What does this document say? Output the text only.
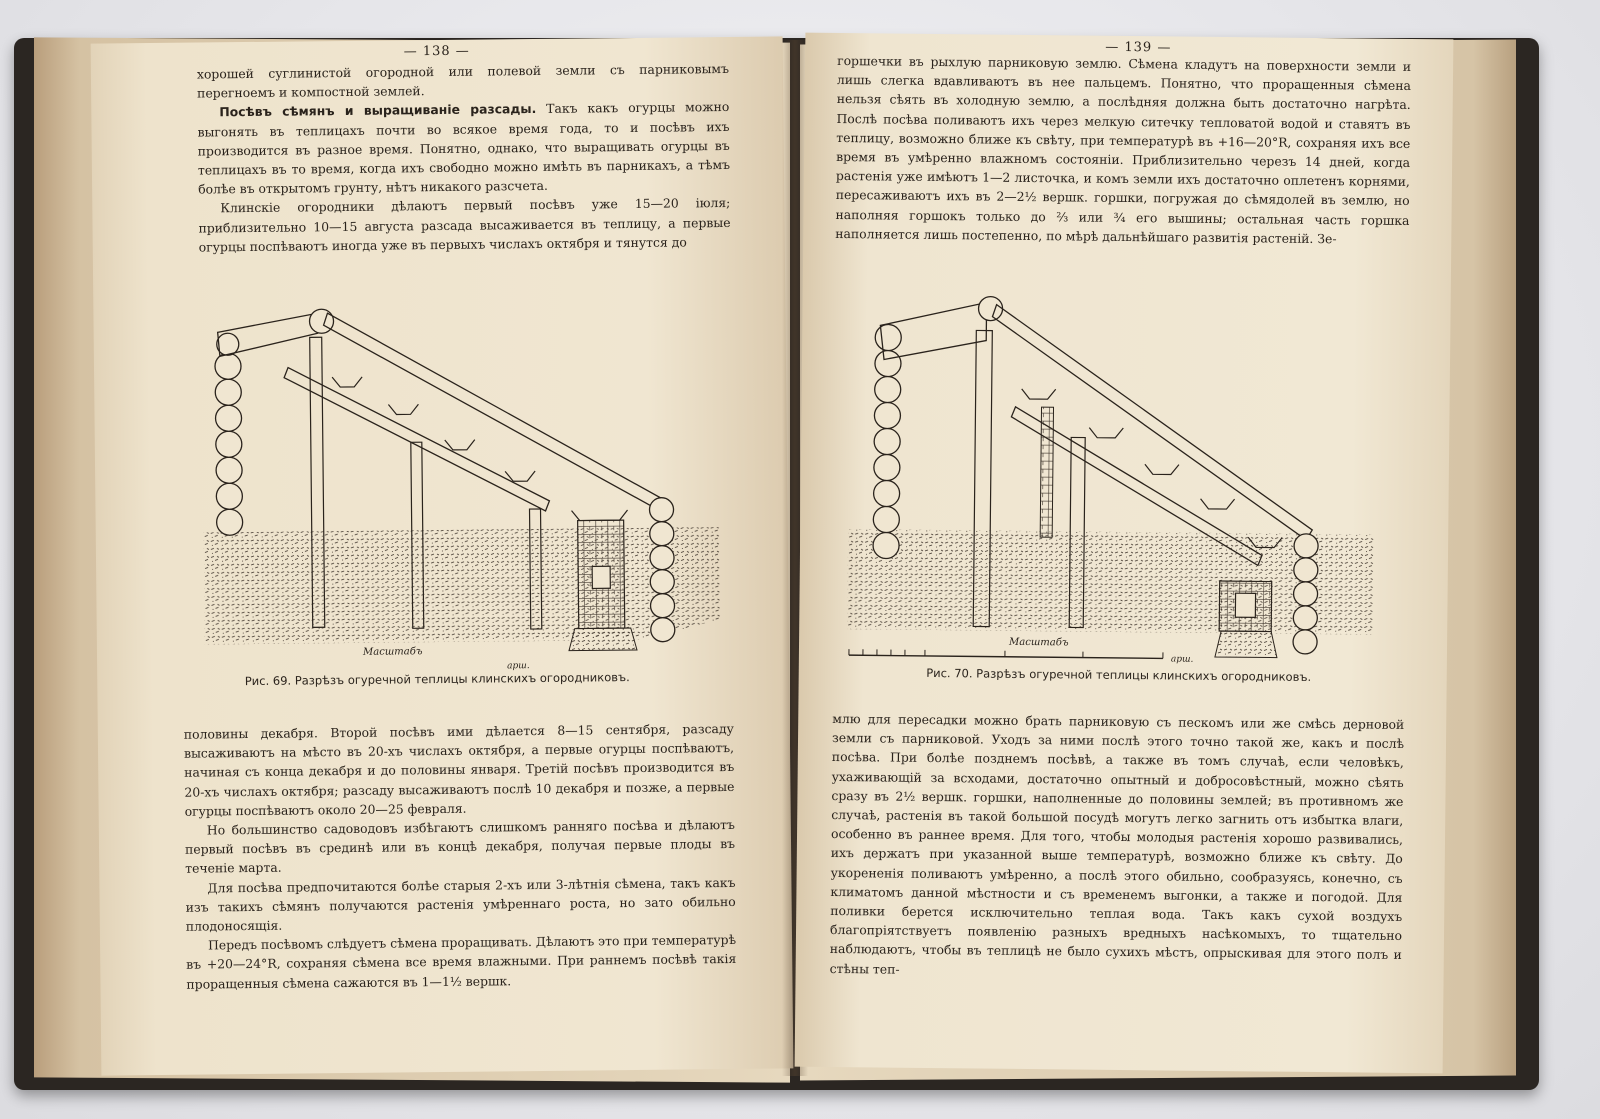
— 138 —

хорошей суглинистой огородной или полевой земли съ парниковымъ перегноемъ и компостной землей.

Посѣвъ сѣмянъ и выращиваніе разсады. Такъ какъ огурцы можно выгонять въ теплицахъ почти во всякое время года, то и посѣвъ ихъ производится въ разное время. Понятно, однако, что выращивать огурцы въ теплицахъ въ то время, когда ихъ свободно можно имѣть въ парникахъ, а тѣмъ болѣе въ открытомъ грунту, нѣтъ никакого разсчета.

Клинскіе огородники дѣлаютъ первый посѣвъ уже 15—20 іюля; приблизительно 10—15 августа разсада высаживается въ теплицу, а первые огурцы поспѣваютъ иногда уже въ первыхъ числахъ октября и тянутся до

Масштабъ
арш.
Рис. 69. Разрѣзъ огуречной теплицы клинскихъ огородниковъ.

половины декабря. Второй посѣвъ ими дѣлается 8—15 сентября, разсаду высаживаютъ на мѣсто въ 20-хъ числахъ октября, а первые огурцы поспѣваютъ, начиная съ конца декабря и до половины января. Третій посѣвъ производится въ 20-хъ числахъ октября; разсаду высаживаютъ послѣ 10 декабря и позже, а первые огурцы поспѣваютъ около 20—25 февраля.

Но большинство садоводовъ избѣгаютъ слишкомъ ранняго посѣва и дѣлаютъ первый посѣвъ въ срединѣ или въ концѣ декабря, получая первые плоды въ теченіе марта.

Для посѣва предпочитаются болѣе старыя 2-хъ или 3-лѣтнія сѣмена, такъ какъ изъ такихъ сѣмянъ получаются растенія умѣреннаго роста, но зато обильно плодоносящія.

Передъ посѣвомъ слѣдуетъ сѣмена проращивать. Дѣлаютъ это при температурѣ въ +20—24°R, сохраняя сѣмена все время влажными. При раннемъ посѣвѣ такія проращенныя сѣмена сажаются въ 1—1½ вершк.

— 139 —

горшечки въ рыхлую парниковую землю. Сѣмена кладутъ на поверхности земли и лишь слегка вдавливаютъ въ нее пальцемъ. Понятно, что проращенныя сѣмена нельзя сѣять въ холодную землю, а послѣдняя должна быть достаточно нагрѣта. Послѣ посѣва поливаютъ ихъ через мелкую ситечку тепловатой водой и ставятъ въ теплицу, возможно ближе къ свѣту, при температурѣ въ +16—20°R, сохраняя ихъ все время въ умѣренно влажномъ состояніи. Приблизительно черезъ 14 дней, когда растенія уже имѣютъ 1—2 листочка, и комъ земли ихъ достаточно оплетенъ корнями, пересаживаютъ ихъ въ 2—2½ вершк. горшки, погружая до сѣмядолей въ землю, но наполняя горшокъ только до ⅔ или ¾ его вышины; остальная часть горшка наполняется лишь постепенно, по мѣрѣ дальнѣйшаго развитія растеній. Зе-

Масштабъ
арш.
Рис. 70. Разрѣзъ огуречной теплицы клинскихъ огородниковъ.

млю для пересадки можно брать парниковую съ пескомъ или же смѣсь дерновой земли съ парниковой. Уходъ за ними послѣ этого точно такой же, какъ и послѣ посѣва. При болѣе позднемъ посѣвѣ, а также въ томъ случаѣ, если человѣкъ, ухаживающій за всходами, достаточно опытный и добросовѣстный, можно сѣять сразу въ 2½ вершк. горшки, наполненные до половины землей; въ противномъ же случаѣ, растенія въ такой большой посудѣ могутъ легко загнить отъ избытка влаги, особенно въ раннее время. Для того, чтобы молодыя растенія хорошо развивались, ихъ держатъ при указанной выше температурѣ, возможно ближе къ свѣту. До укорененія поливаютъ умѣренно, а послѣ этого обильно, сообразуясь, конечно, съ климатомъ данной мѣстности и съ временемъ выгонки, а также и погодой. Для поливки берется исключительно теплая вода. Такъ какъ сухой воздухъ благопріятствуетъ появленію разныхъ вредныхъ насѣкомыхъ, то тщательно наблюдаютъ, чтобы въ теплицѣ не было сухихъ мѣстъ, опрыскивая для этого полъ и стѣны теп-
